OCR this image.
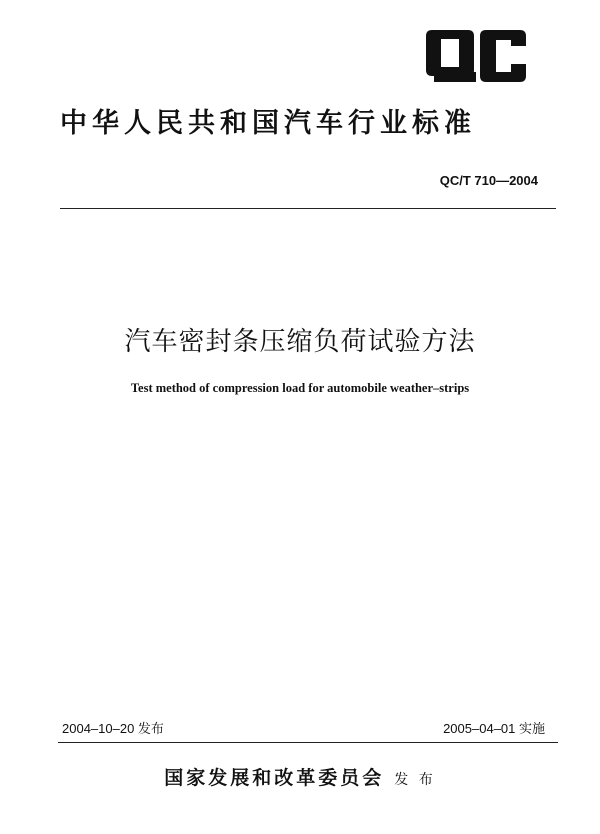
中华人民共和国汽车行业标准
QC/T 710—2004
汽车密封条压缩负荷试验方法
Test method of compression load for automobile weather–strips
2004–10–20 发布	2005–04–01 实施
国家发展和改革委员会 发 布
